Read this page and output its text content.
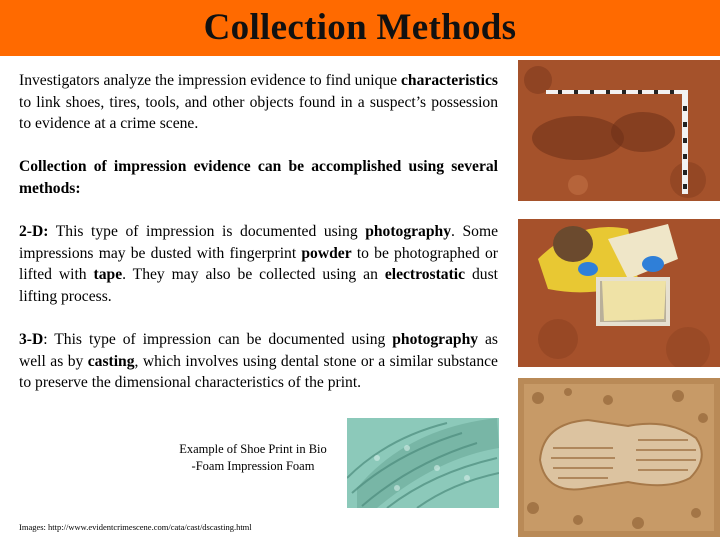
Collection Methods
Investigators analyze the impression evidence to find unique characteristics to link shoes, tires, tools, and other objects found in a suspect’s possession to evidence at a crime scene.
Collection of impression evidence can be accomplished using several methods:
2-D: This type of impression is documented using photography. Some impressions may be dusted with fingerprint powder to be photographed or lifted with tape. They may also be collected using an electrostatic dust lifting process.
3-D: This type of impression can be documented using photography as well as by casting, which involves using dental stone or a similar substance to preserve the dimensional characteristics of the print.
Example of Shoe Print in Bio
-Foam Impression Foam
Images: http://www.evidentcrimescene.com/cata/cast/dscasting.html
